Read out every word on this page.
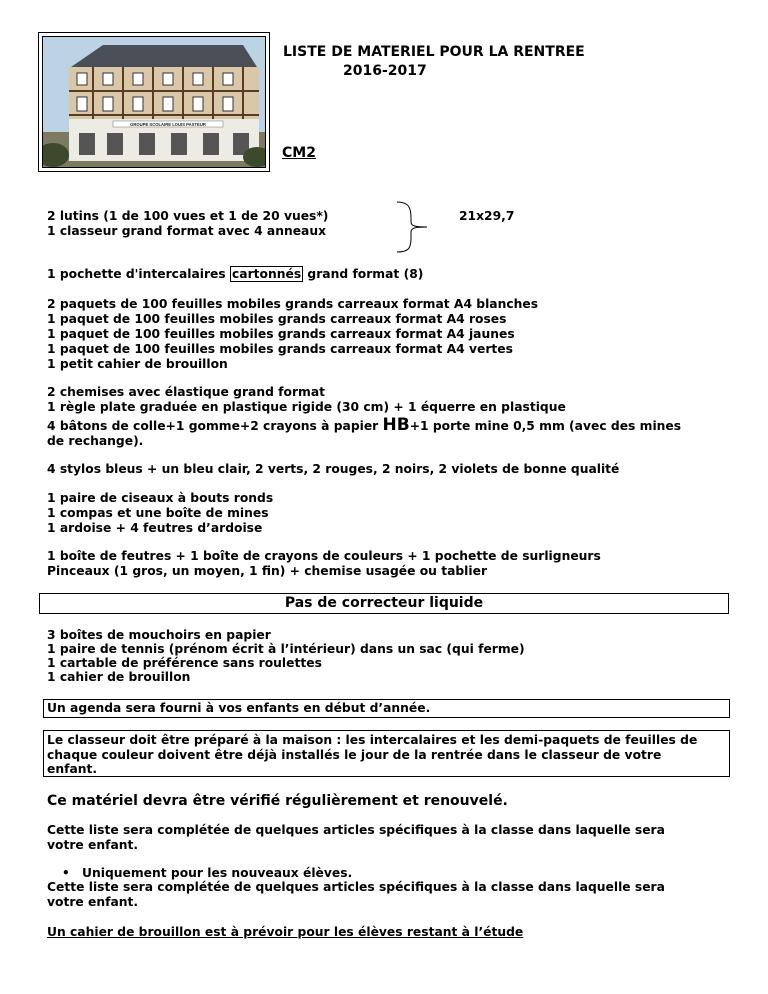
GROUPE SCOLAIRE LOUIS PASTEUR
LISTE DE MATERIEL POUR LA RENTREE
2016-2017
CM2
2 lutins (1 de 100 vues et 1 de 20 vues*)
1 classeur grand format avec 4 anneaux
21x29,7
1 pochette d'intercalaires cartonnés grand format (8)
2 paquets de 100 feuilles mobiles grands carreaux format A4 blanches
1 paquet de 100 feuilles mobiles grands carreaux format A4 roses
1 paquet de 100 feuilles mobiles grands carreaux format A4 jaunes
1 paquet de 100 feuilles mobiles grands carreaux format A4 vertes
1 petit cahier de brouillon
2 chemises avec élastique grand format
1 règle plate graduée en plastique rigide (30 cm) + 1 équerre en plastique
4 bâtons de colle+1 gomme+2 crayons à papier HB+1 porte mine 0,5 mm (avec des mines
de rechange).
4 stylos bleus + un bleu clair, 2 verts, 2 rouges, 2 noirs, 2 violets de bonne qualité
1 paire de ciseaux à bouts ronds
1 compas et une boîte de mines
1 ardoise + 4 feutres d’ardoise
1 boîte de feutres + 1 boîte de crayons de couleurs + 1 pochette de surligneurs
Pinceaux (1 gros, un moyen, 1 fin) + chemise usagée ou tablier
Pas de correcteur liquide
3 boîtes de mouchoirs en papier
1 paire de tennis (prénom écrit à l’intérieur) dans un sac (qui ferme)
1 cartable de préférence sans roulettes
1 cahier de brouillon
Un agenda sera fourni à vos enfants en début d’année.
Le classeur doit être préparé à la maison : les intercalaires et les demi-paquets de feuilles de
chaque couleur doivent être déjà installés le jour de la rentrée dans le classeur de votre
enfant.
Ce matériel devra être vérifié régulièrement et renouvelé.
Cette liste sera complétée de quelques articles spécifiques à la classe dans laquelle sera
votre enfant.
• Uniquement pour les nouveaux élèves.
Cette liste sera complétée de quelques articles spécifiques à la classe dans laquelle sera
votre enfant.
Un cahier de brouillon est à prévoir pour les élèves restant à l’étude
